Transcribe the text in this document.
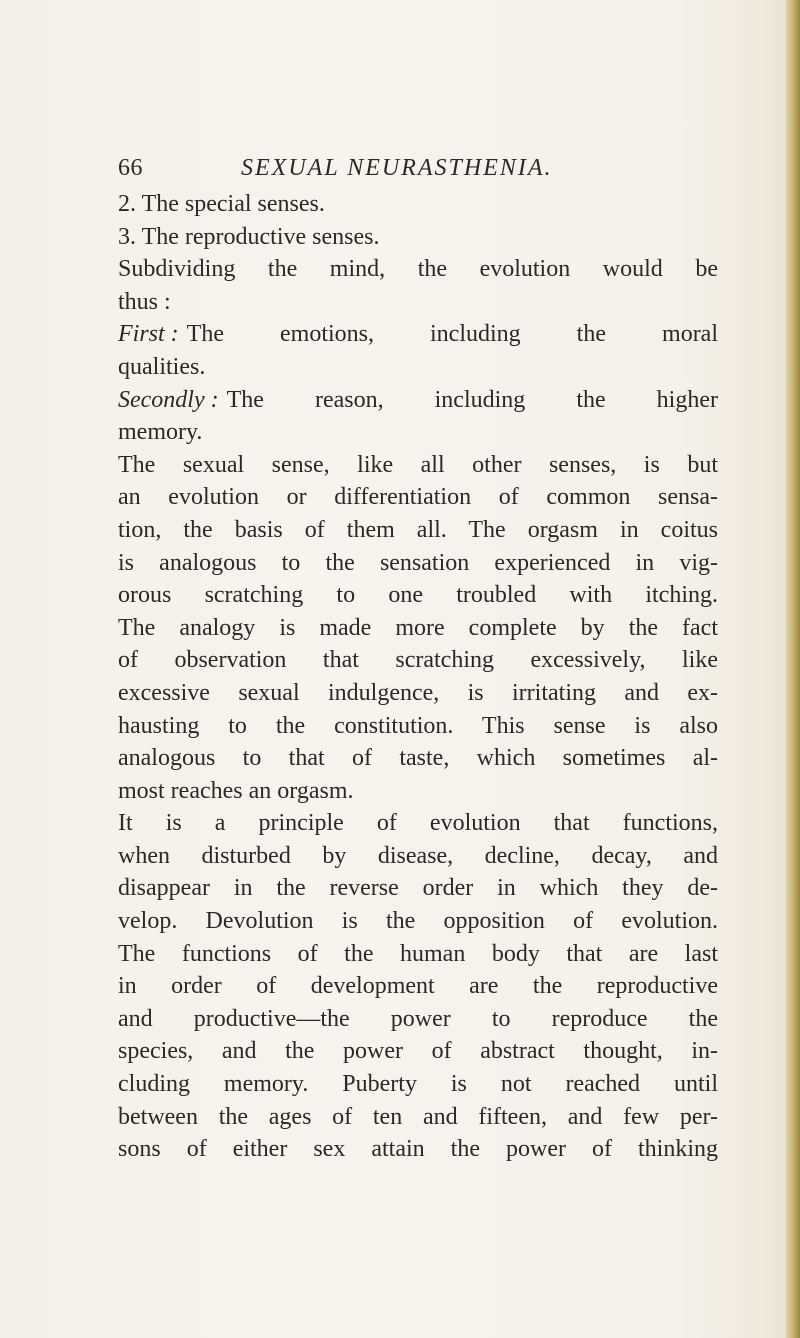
66	SEXUAL NEURASTHENIA.
2. The special senses.
3. The reproductive senses.
Subdividing the mind, the evolution would be
thus :
First : The emotions, including the moral
qualities.
Secondly : The reason, including the higher
memory.
The sexual sense, like all other senses, is but
an evolution or differentiation of common sensa-
tion, the basis of them all. The orgasm in coitus
is analogous to the sensation experienced in vig-
orous scratching to one troubled with itching.
The analogy is made more complete by the fact
of observation that scratching excessively, like
excessive sexual indulgence, is irritating and ex-
hausting to the constitution. This sense is also
analogous to that of taste, which sometimes al-
most reaches an orgasm.
It is a principle of evolution that functions,
when disturbed by disease, decline, decay, and
disappear in the reverse order in which they de-
velop. Devolution is the opposition of evolution.
The functions of the human body that are last
in order of development are the reproductive
and productive—the power to reproduce the
species, and the power of abstract thought, in-
cluding memory. Puberty is not reached until
between the ages of ten and fifteen, and few per-
sons of either sex attain the power of thinking
